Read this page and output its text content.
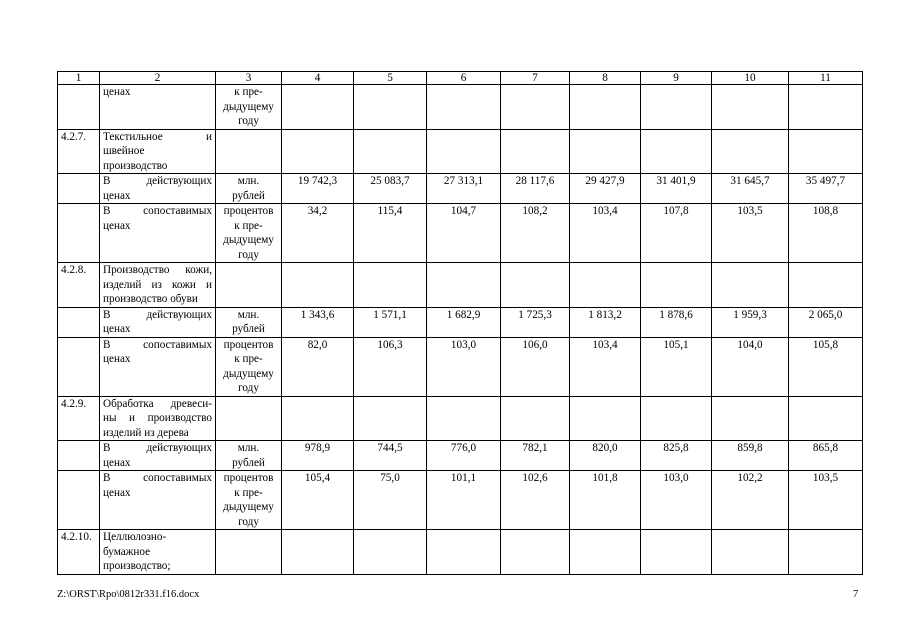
1	2	3	4	5	6	7	8	9	10	11

	ценах	к пре-
дыдущему
году								

4.2.7.	Текстильное и
швейное
производство									

	В действующих
ценах	млн.
рублей	19 742,3	25 083,7	27 313,1	28 117,6	29 427,9	31 401,9	31 645,7	35 497,7

	В сопоставимых
ценах	процентов
к пре-
дыдущему
году	34,2	115,4	104,7	108,2	103,4	107,8	103,5	108,8
4.2.8.	Производство кожи,
изделий из кожи и
производство обуви									

	В действующих
ценах	млн.
рублей	1 343,6	1 571,1	1 682,9	1 725,3	1 813,2	1 878,6	1 959,3	2 065,0

	В сопоставимых
ценах	процентов
к пре-
дыдущему
году	82,0	106,3	103,0	106,0	103,4	105,1	104,0	105,8
4.2.9.	Обработка древеси-
ны и производство
изделий из дерева									

	В действующих
ценах	млн.
рублей	978,9	744,5	776,0	782,1	820,0	825,8	859,8	865,8

	В сопоставимых
ценах	процентов
к пре-
дыдущему
году	105,4	75,0	101,1	102,6	101,8	103,0	102,2	103,5
4.2.10.	Целлюлозно-
бумажное
производство;									

Z:\ORST\Rpo\0812r331.f16.docx	7
